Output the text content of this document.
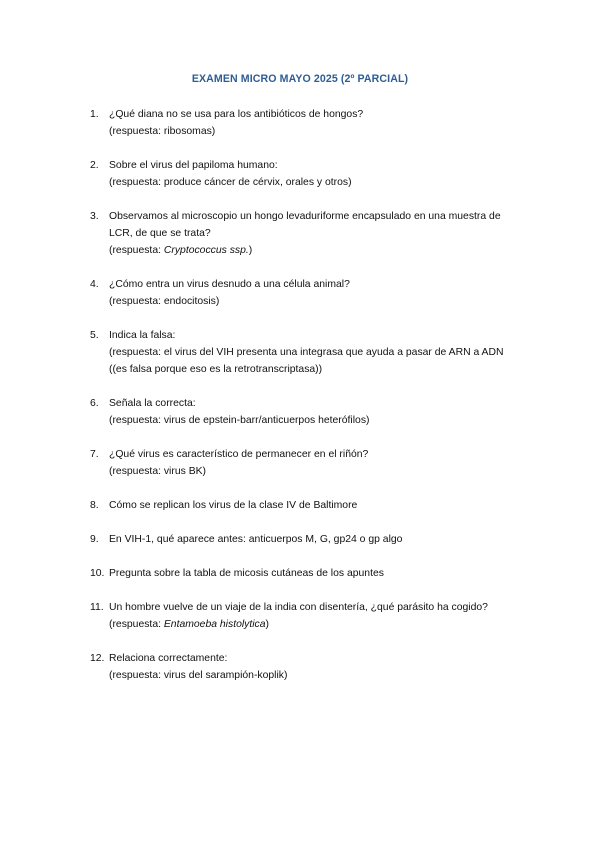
EXAMEN MICRO MAYO 2025 (2º PARCIAL)
1. ¿Qué diana no se usa para los antibióticos de hongos?
(respuesta: ribosomas)
2. Sobre el virus del papiloma humano:
(respuesta: produce cáncer de cérvix, orales y otros)
3. Observamos al microscopio un hongo levaduriforme encapsulado en una muestra de
LCR, de que se trata?
(respuesta: Cryptococcus ssp.)
4. ¿Cómo entra un virus desnudo a una célula animal?
(respuesta: endocitosis)
5. Indica la falsa:
(respuesta: el virus del VIH presenta una integrasa que ayuda a pasar de ARN a ADN
((es falsa porque eso es la retrotranscriptasa))
6. Señala la correcta:
(respuesta: virus de epstein-barr/anticuerpos heterófilos)
7. ¿Qué virus es característico de permanecer en el riñón?
(respuesta: virus BK)
8. Cómo se replican los virus de la clase IV de Baltimore
9. En VIH-1, qué aparece antes: anticuerpos M, G, gp24 o gp algo
10. Pregunta sobre la tabla de micosis cutáneas de los apuntes
11. Un hombre vuelve de un viaje de la india con disentería, ¿qué parásito ha cogido?
(respuesta: Entamoeba histolytica)
12. Relaciona correctamente:
(respuesta: virus del sarampión-koplik)
